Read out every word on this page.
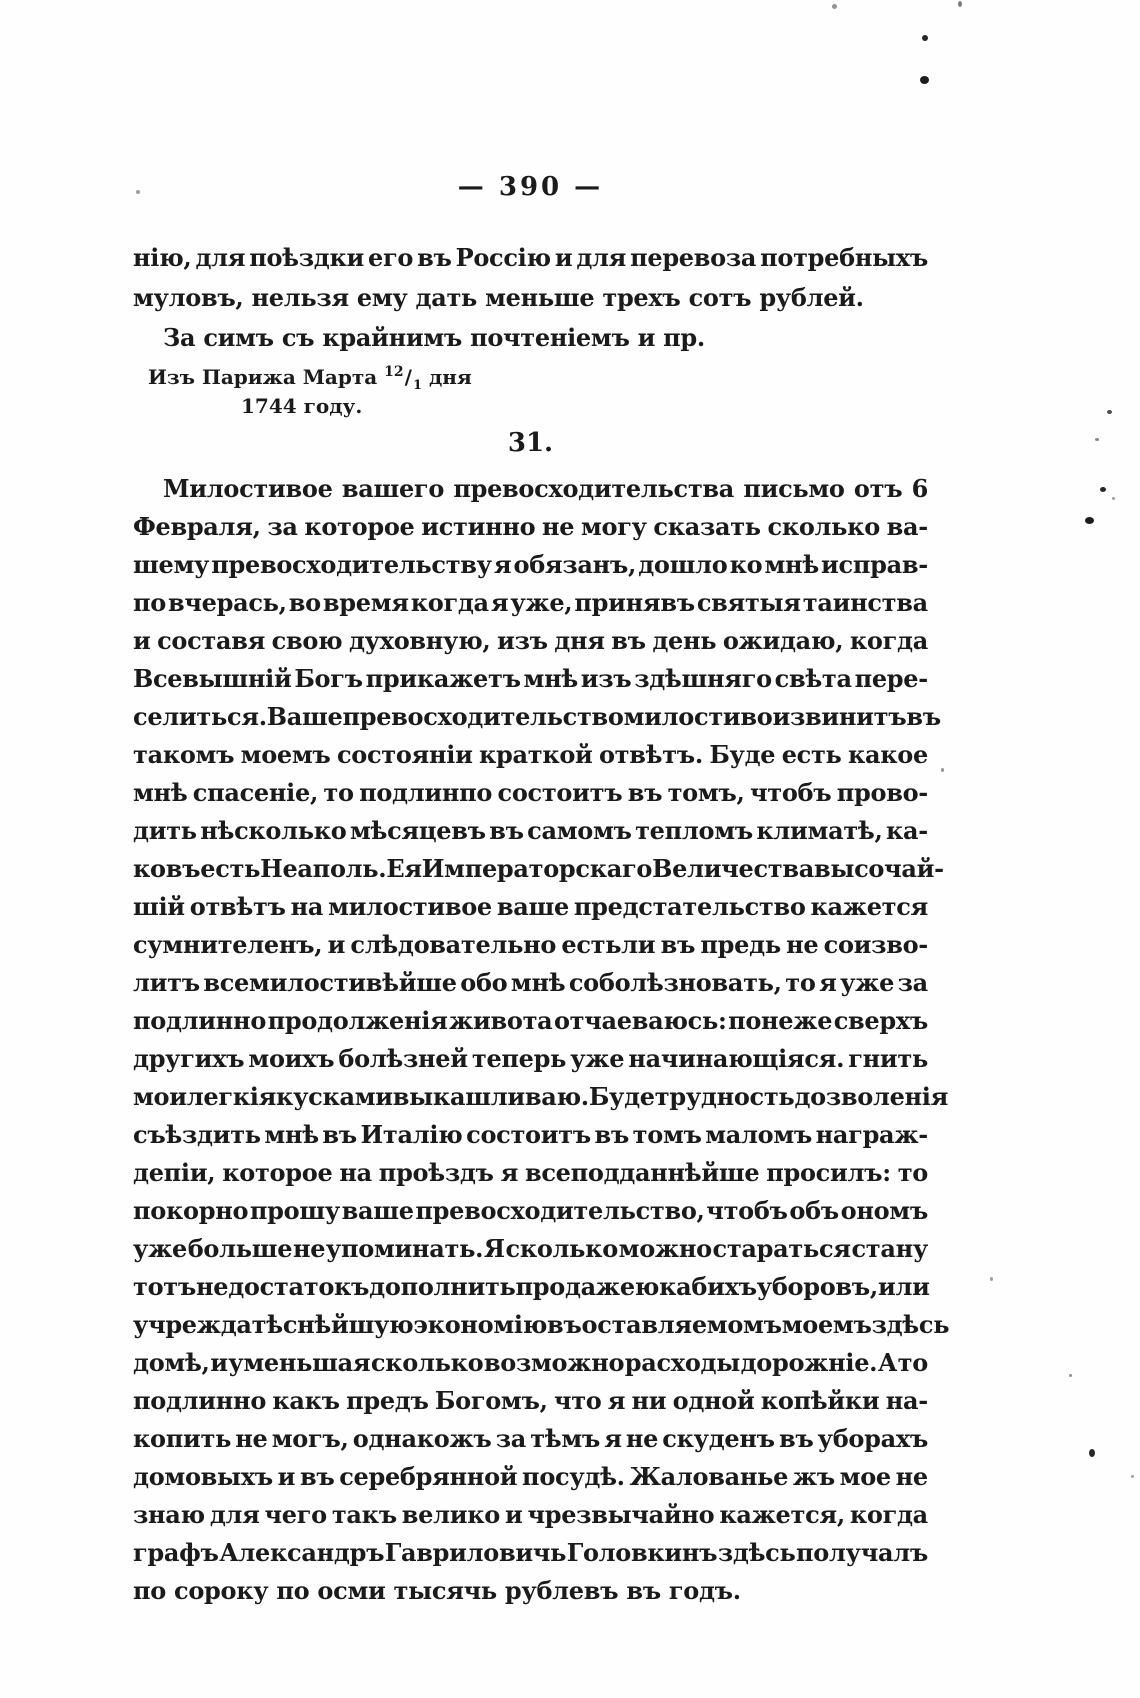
— 390 —
нію, для поѣздки его въ Россію и для перевоза потребныхъ
муловъ, нельзя ему дать меньше трехъ сотъ рублей.
За симъ съ крайнимъ почтеніемъ и пр.
Изъ Парижа Марта $^{12}/_1$ дня
1744 году.
31.
Милостивое вашего превосходительства письмо отъ 6
Февраля, за которое истинно не могу сказать сколько ва-
шему превосходительству я обязанъ, дошло ко мнѣ исправ-
по вчерась, во время когда я уже, принявъ святыя таинства
и составя свою духовную, изъ дня въ день ожидаю, когда
Всевышній Богъ прикажетъ мнѣ изъ здѣшняго свѣта пере-
селиться. Ваше превосходительство милостиво извинитъ въ
такомъ моемъ состояніи краткой отвѣтъ. Буде есть какое
мнѣ спасеніе, то подлинпо состоитъ въ томъ, чтобъ прово-
дить нѣсколько мѣсяцевъ въ самомъ тепломъ климатѣ, ка-
ковъ есть Неаполь. Ея Императорскаго Величества высочай-
шій отвѣтъ на милостивое ваше предстательство кажется
сумнителенъ, и слѣдовательно естьли въ предь не соизво-
литъ всемилостивѣйше обо мнѣ соболѣзновать, то я уже за
подлинно продолженія живота отчаеваюсь: понеже сверхъ
другихъ моихъ болѣзней теперь уже начинающіяся. гнить
мои легкія кусками выкашливаю. Буде трудность дозволенія
съѣздить мнѣ въ Италію состоитъ въ томъ маломъ награж-
депіи, которое на проѣздъ я всеподданнѣйше просилъ: то
покорно прошу ваше превосходительство, чтобъ объ ономъ
уже больше не упоминать. Я сколько можно стараться стану
тотъ недостатокъ дополнить продажею кабихъ уборовъ, или
учрежда тѣснѣйшую экономію въ оставляемомъ моемъ здѣсь
домѣ, и уменьшая сколько возможно расходы дорожніе. А то
подлинно какъ предъ Богомъ, что я ни одной копѣйки на-
копить не могъ, однакожъ за тѣмъ я не скуденъ въ уборахъ
домовыхъ и въ серебрянной посудѣ. Жалованье жъ мое не
знаю для чего такъ велико и чрезвычайно кажется, когда
графъ Александръ Гавриловичь Головкинъ здѣсь получалъ
по сороку по осми тысячь рублевъ въ годъ.
